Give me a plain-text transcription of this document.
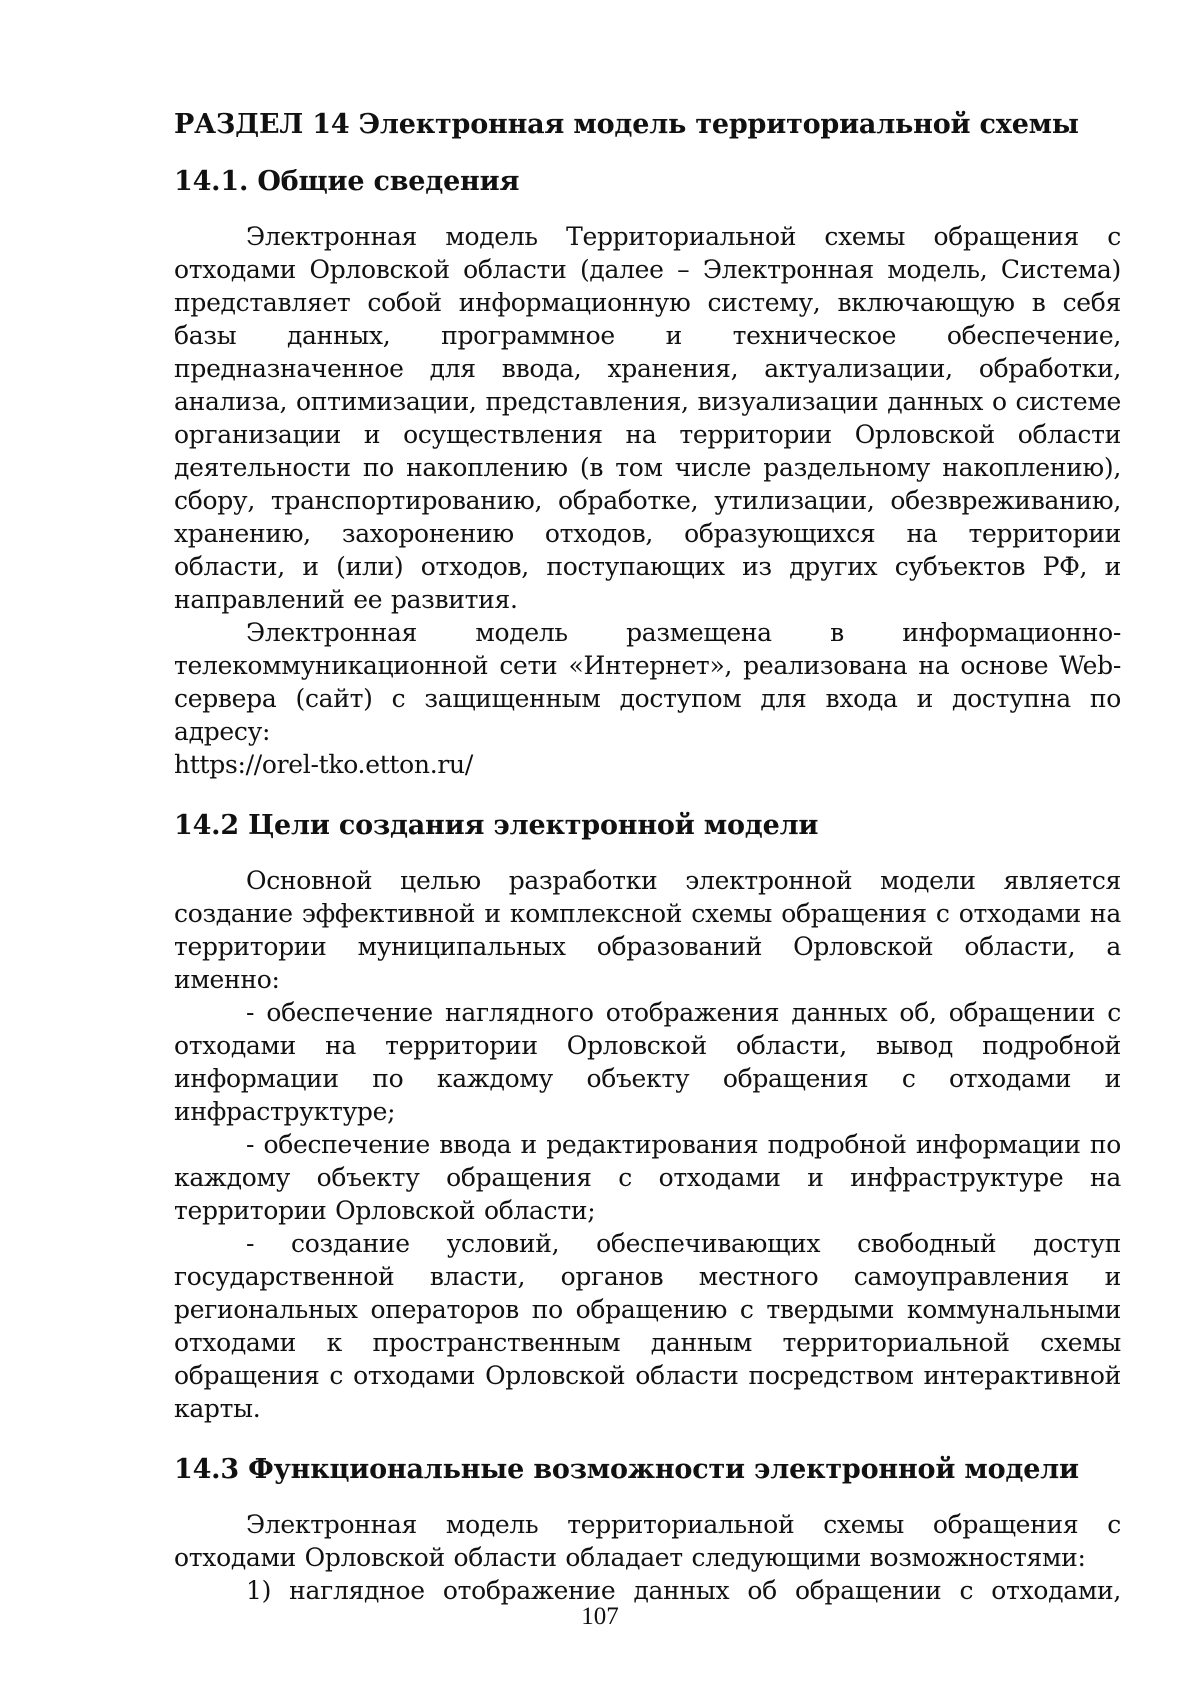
РАЗДЕЛ 14 Электронная модель территориальной схемы
14.1. Общие сведения

Электронная модель Территориальной схемы обращения с отходами Орловской области (далее – Электронная модель, Система) представляет собой информационную систему, включающую в себя базы данных, программное и техническое обеспечение, предназначенное для ввода, хранения, актуализации, обработки, анализа, оптимизации, представления, визуализации данных о системе организации и осуществления на территории Орловской области деятельности по накоплению (в том числе раздельному накоплению), сбору, транспортированию, обработке, утилизации, обезвреживанию, хранению, захоронению отходов, образующихся на территории области, и (или) отходов, поступающих из других субъектов РФ, и направлений ее развития.

Электронная модель размещена в информационно-телекоммуникационной сети «Интернет», реализована на основе Web-сервера (сайт) с защищенным доступом для входа и доступна по адресу:

https://orel-tko.etton.ru/

14.2 Цели создания электронной модели

Основной целью разработки электронной модели является создание эффективной и комплексной схемы обращения с отходами на территории муниципальных образований Орловской области, а именно:

- обеспечение наглядного отображения данных об, обращении с отходами на территории Орловской области, вывод подробной информации по каждому объекту обращения с отходами и инфраструктуре;

- обеспечение ввода и редактирования подробной информации по каждому объекту обращения с отходами и инфраструктуре на территории Орловской области;

- создание условий, обеспечивающих свободный доступ государственной власти, органов местного самоуправления и региональных операторов по обращению с твердыми коммунальными отходами к пространственным данным территориальной схемы обращения с отходами Орловской области посредством интерактивной карты.

14.3 Функциональные возможности электронной модели

Электронная модель территориальной схемы обращения с отходами Орловской области обладает следующими возможностями:

1) наглядное отображение данных об обращении с отходами,

107
